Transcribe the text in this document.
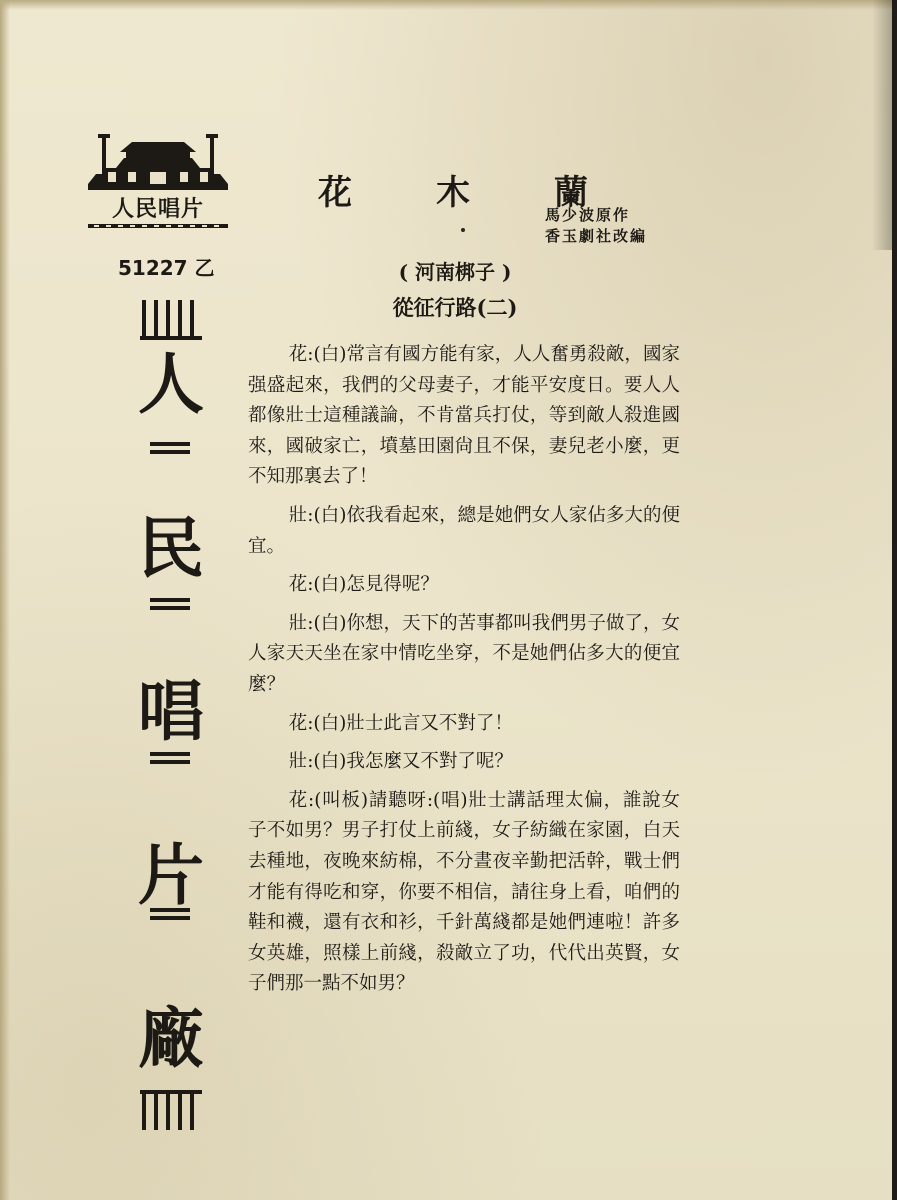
人民唱片
51227 乙
人
民
唱
片
廠
花 木 蘭
馬少波原作
香玉劇社改編
( 河南梆子 )
從征行路(二)

花:(白)常言有國方能有家，人人奮勇殺敵，國家强盛起來，我們的父母妻子，才能平安度日。要人人都像壯士這種議論，不肯當兵打仗，等到敵人殺進國來，國破家亡，墳墓田園尙且不保，妻兒老小麼，更不知那裏去了！

壯:(白)依我看起來，總是她們女人家佔多大的便宜。

花:(白)怎見得呢？

壯:(白)你想，天下的苦事都叫我們男子做了，女人家天天坐在家中情吃坐穿，不是她們佔多大的便宜麼？

花:(白)壯士此言又不對了！

壯:(白)我怎麼又不對了呢？

花:(叫板)請聽呀:(唱)壯士講話理太偏，誰說女子不如男？男子打仗上前綫，女子紡織在家園，白天去種地，夜晚來紡棉，不分晝夜辛勤把活幹，戰士們才能有得吃和穿，你要不相信，請往身上看，咱們的鞋和襪，還有衣和衫，千針萬綫都是她們連啦！許多女英雄，照樣上前綫，殺敵立了功，代代出英賢，女子們那一點不如男？
